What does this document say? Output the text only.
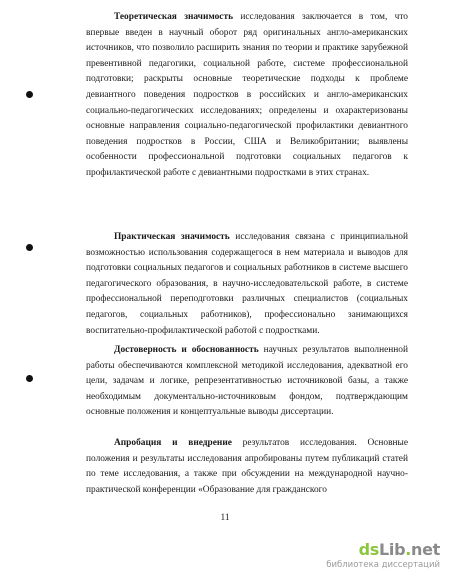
Теоретическая значимость исследования заключается в том, что впервые введен в научный оборот ряд оригинальных англо-американских источников, что позволило расширить знания по теории и практике зарубежной превентивной педагогики, социальной работе, системе профессиональной подготовки; раскрыты основные теоретические подходы к проблеме девиантного поведения подростков в российских и англо-американских социально-педагогических исследованиях; определены и охарактеризованы основные направления социально-педагогической профилактики девиантного поведения подростков в России, США и Великобритании; выявлены особенности профессиональной подготовки социальных педагогов к профилактической работе с девиантными подростками в этих странах.

Практическая значимость исследования связана с принципиальной возможностью использования содержащегося в нем материала и выводов для подготовки социальных педагогов и социальных работников в системе высшего педагогического образования, в научно-исследовательской работе, в системе профессиональной переподготовки различных специалистов (социальных педагогов, социальных работников), профессионально занимающихся воспитательно-профилактической работой с подростками.

Достоверность и обоснованность научных результатов выполненной работы обеспечиваются комплексной методикой исследования, адекватной его цели, задачам и логике, репрезентативностью источниковой базы, а также необходимым документально-источниковым фондом, подтверждающим основные положения и концептуальные выводы диссертации.

Апробация и внедрение результатов исследования. Основные положения и результаты исследования апробированы путем публикаций статей по теме исследования, а также при обсуждении на международной научно-практической конференции «Образование для гражданского

11
dsLib.net
библиотека диссертаций
